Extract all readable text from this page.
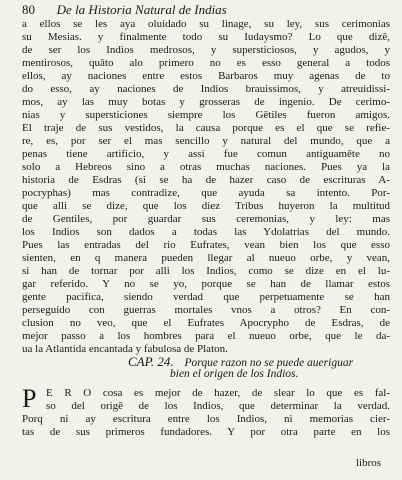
80 De la Historia Natural de Indias
a ellos se les aya oluidado su linage, su ley, sus cerimonias
su Mesias. y finalmente todo su Iudaysmo? Lo que dizē,
de ser los Indios medrosos, y supersticiosos, y agudos, y
mentirosos, quāto alo primero no es esso general a todos
ellos, ay naciones entre estos Barbaros muy agenas de to
do esso, ay naciones de Indios brauissimos, y atreuidissi-
mos, ay las muy botas y grosseras de ingenio. De cerimo-
nias y supersticiones siempre los Gētiles fueron amigos.
El traje de sus vestidos, la causa porque es el que se refie-
re, es, por ser el mas sencillo y natural del mundo, que a
penas tiene artificio, y assi fue comun antiguamēte no
solo a Hebreos sino a otras muchas naciones. Pues ya la
historia de Esdras (si se ha de hazer caso de escrituras A-
pocryphas) mas contradize, que ayuda sa intento. Por-
que alli se dize, que los diez Tribus huyeron la multitud
de Gentiles, por guardar sus ceremonias, y ley: mas
los Indios son dados a todas las Ydolatrias del mundo.
Pues las entradas del rio Eufrates, vean bien los que esso
sienten, en q manera pueden llegar al nueuo orbe, y vean,
si han de tornar por alli los Indios, como se dize en el lu-
gar referido. Y no se yo, porque se han de llamar estos
gente pacifica, siendo verdad que perpetuamente se han
perseguido con guerras mortales vnos a otros? En con-
clusion no veo, que el Eufrates Apocrypho de Esdras, de
mejor passo a los hombres para el nueuo orbe, que le da-
ua la Atlantida encantada y fabulosa de Platon.
CAP. 24. Porque razon no se puede aueriguar
bien el origen de los Indios.
P E R O cosa es mejor de hazer, de slear lo que es fal-
so del origē de los Indios, que determinar la verdad.
Porq ni ay escritura entre los Indios, ni memorias cier-
tas de sus primeros fundadores. Y por otra parte en los
libros
